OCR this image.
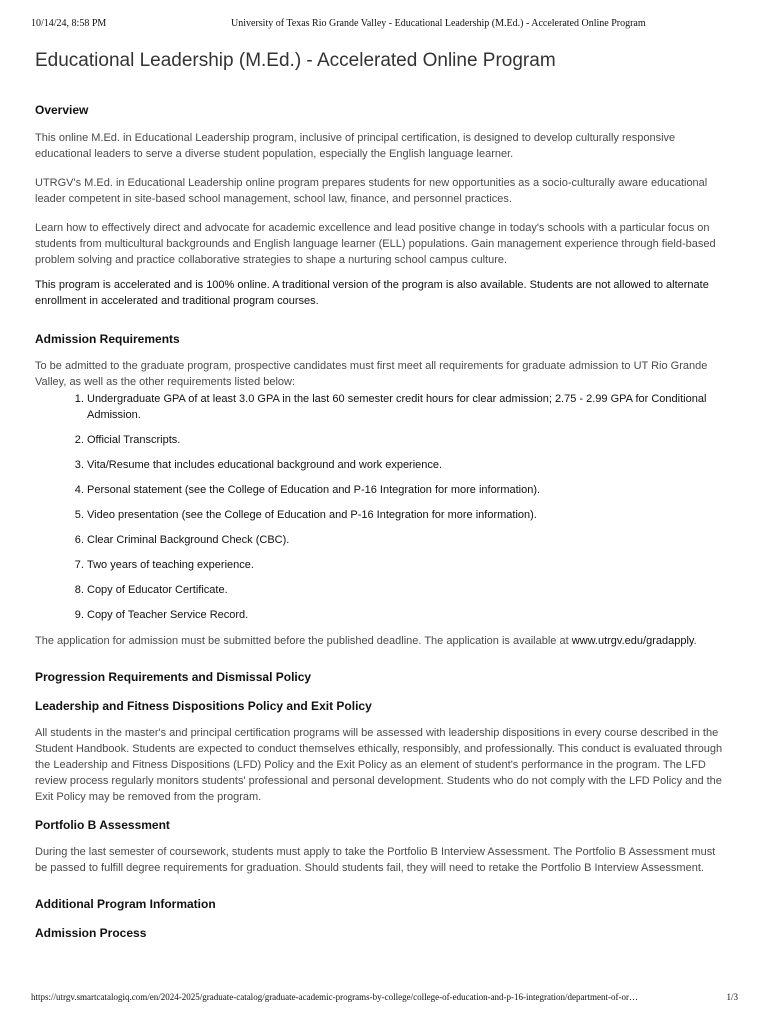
10/14/24, 8:58 PM	University of Texas Rio Grande Valley - Educational Leadership (M.Ed.) - Accelerated Online Program
Educational Leadership (M.Ed.) - Accelerated Online Program
Overview

This online M.Ed. in Educational Leadership program, inclusive of principal certification, is designed to develop culturally responsive educational leaders to serve a diverse student population, especially the English language learner.

UTRGV's M.Ed. in Educational Leadership online program prepares students for new opportunities as a socio-culturally aware educational leader competent in site-based school management, school law, finance, and personnel practices.

Learn how to effectively direct and advocate for academic excellence and lead positive change in today's schools with a particular focus on students from multicultural backgrounds and English language learner (ELL) populations. Gain management experience through field-based problem solving and practice collaborative strategies to shape a nurturing school campus culture.

This program is accelerated and is 100% online. A traditional version of the program is also available. Students are not allowed to alternate enrollment in accelerated and traditional program courses.

Admission Requirements

To be admitted to the graduate program, prospective candidates must first meet all requirements for graduate admission to UT Rio Grande Valley, as well as the other requirements listed below:

1. Undergraduate GPA of at least 3.0 GPA in the last 60 semester credit hours for clear admission; 2.75 - 2.99 GPA for Conditional Admission.
2. Official Transcripts.
3. Vita/Resume that includes educational background and work experience.
4. Personal statement (see the College of Education and P-16 Integration for more information).
5. Video presentation (see the College of Education and P-16 Integration for more information).
6. Clear Criminal Background Check (CBC).
7. Two years of teaching experience.
8. Copy of Educator Certificate.
9. Copy of Teacher Service Record.

The application for admission must be submitted before the published deadline. The application is available at www.utrgv.edu/gradapply.

Progression Requirements and Dismissal Policy
Leadership and Fitness Dispositions Policy and Exit Policy

All students in the master's and principal certification programs will be assessed with leadership dispositions in every course described in the Student Handbook. Students are expected to conduct themselves ethically, responsibly, and professionally. This conduct is evaluated through the Leadership and Fitness Dispositions (LFD) Policy and the Exit Policy as an element of student's performance in the program. The LFD review process regularly monitors students' professional and personal development. Students who do not comply with the LFD Policy and the Exit Policy may be removed from the program.

Portfolio B Assessment

During the last semester of coursework, students must apply to take the Portfolio B Interview Assessment. The Portfolio B Assessment must be passed to fulfill degree requirements for graduation. Should students fail, they will need to retake the Portfolio B Interview Assessment.

Additional Program Information
Admission Process
https://utrgv.smartcatalogiq.com/en/2024-2025/graduate-catalog/graduate-academic-programs-by-college/college-of-education-and-p-16-integration/department-of-or…	1/3
